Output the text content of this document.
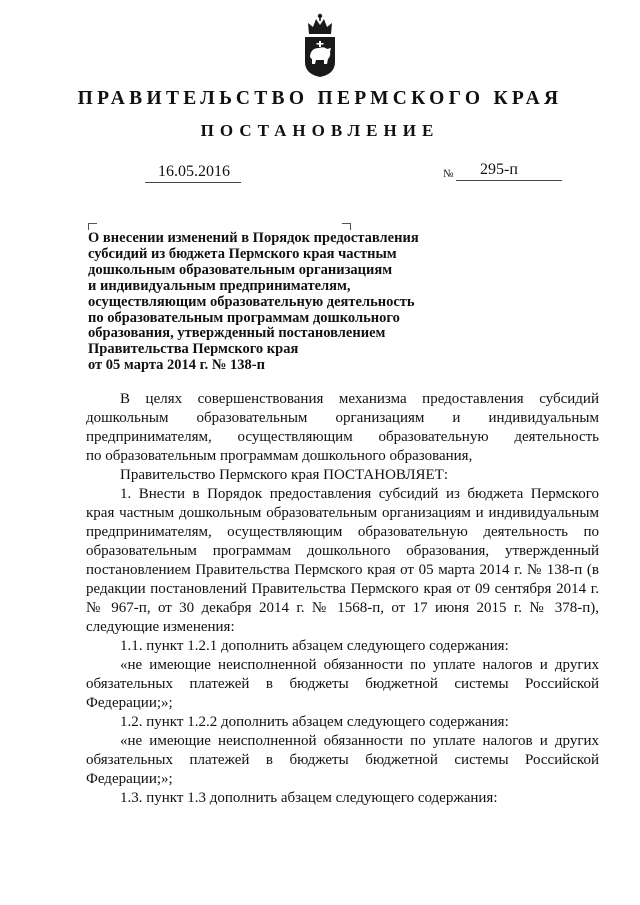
ПРАВИТЕЛЬСТВО ПЕРМСКОГО КРАЯ
ПОСТАНОВЛЕНИЕ
16.05.2016	№ 295-п
О внесении изменений в Порядок предоставления
субсидий из бюджета Пермского края частным
дошкольным образовательным организациям
и индивидуальным предпринимателям,
осуществляющим образовательную деятельность
по образовательным программам дошкольного
образования, утвержденный постановлением
Правительства Пермского края
от 05 марта 2014 г. № 138-п

В целях совершенствования механизма предоставления субсидий

дошкольным образовательным организациям и индивидуальным

предпринимателям, осуществляющим образовательную деятельность

по образовательным программам дошкольного образования,

Правительство Пермского края ПОСТАНОВЛЯЕТ:

1. Внести в Порядок предоставления субсидий из бюджета Пермского края частным дошкольным образовательным организациям и индивидуальным предпринимателям, осуществляющим образовательную деятельность по образовательным программам дошкольного образования, утвержденный постановлением Правительства Пермского края от 05 марта 2014 г. № 138-п (в редакции постановлений Правительства Пермского края от 09 сентября 2014 г. № 967-п, от 30 декабря 2014 г. № 1568-п, от 17 июня 2015 г. № 378-п), следующие изменения:

1.1. пункт 1.2.1 дополнить абзацем следующего содержания:

«не имеющие неисполненной обязанности по уплате налогов и других обязательных платежей в бюджеты бюджетной системы Российской Федерации;»;

1.2. пункт 1.2.2 дополнить абзацем следующего содержания:

«не имеющие неисполненной обязанности по уплате налогов и других обязательных платежей в бюджеты бюджетной системы Российской Федерации;»;

1.3. пункт 1.3 дополнить абзацем следующего содержания:
